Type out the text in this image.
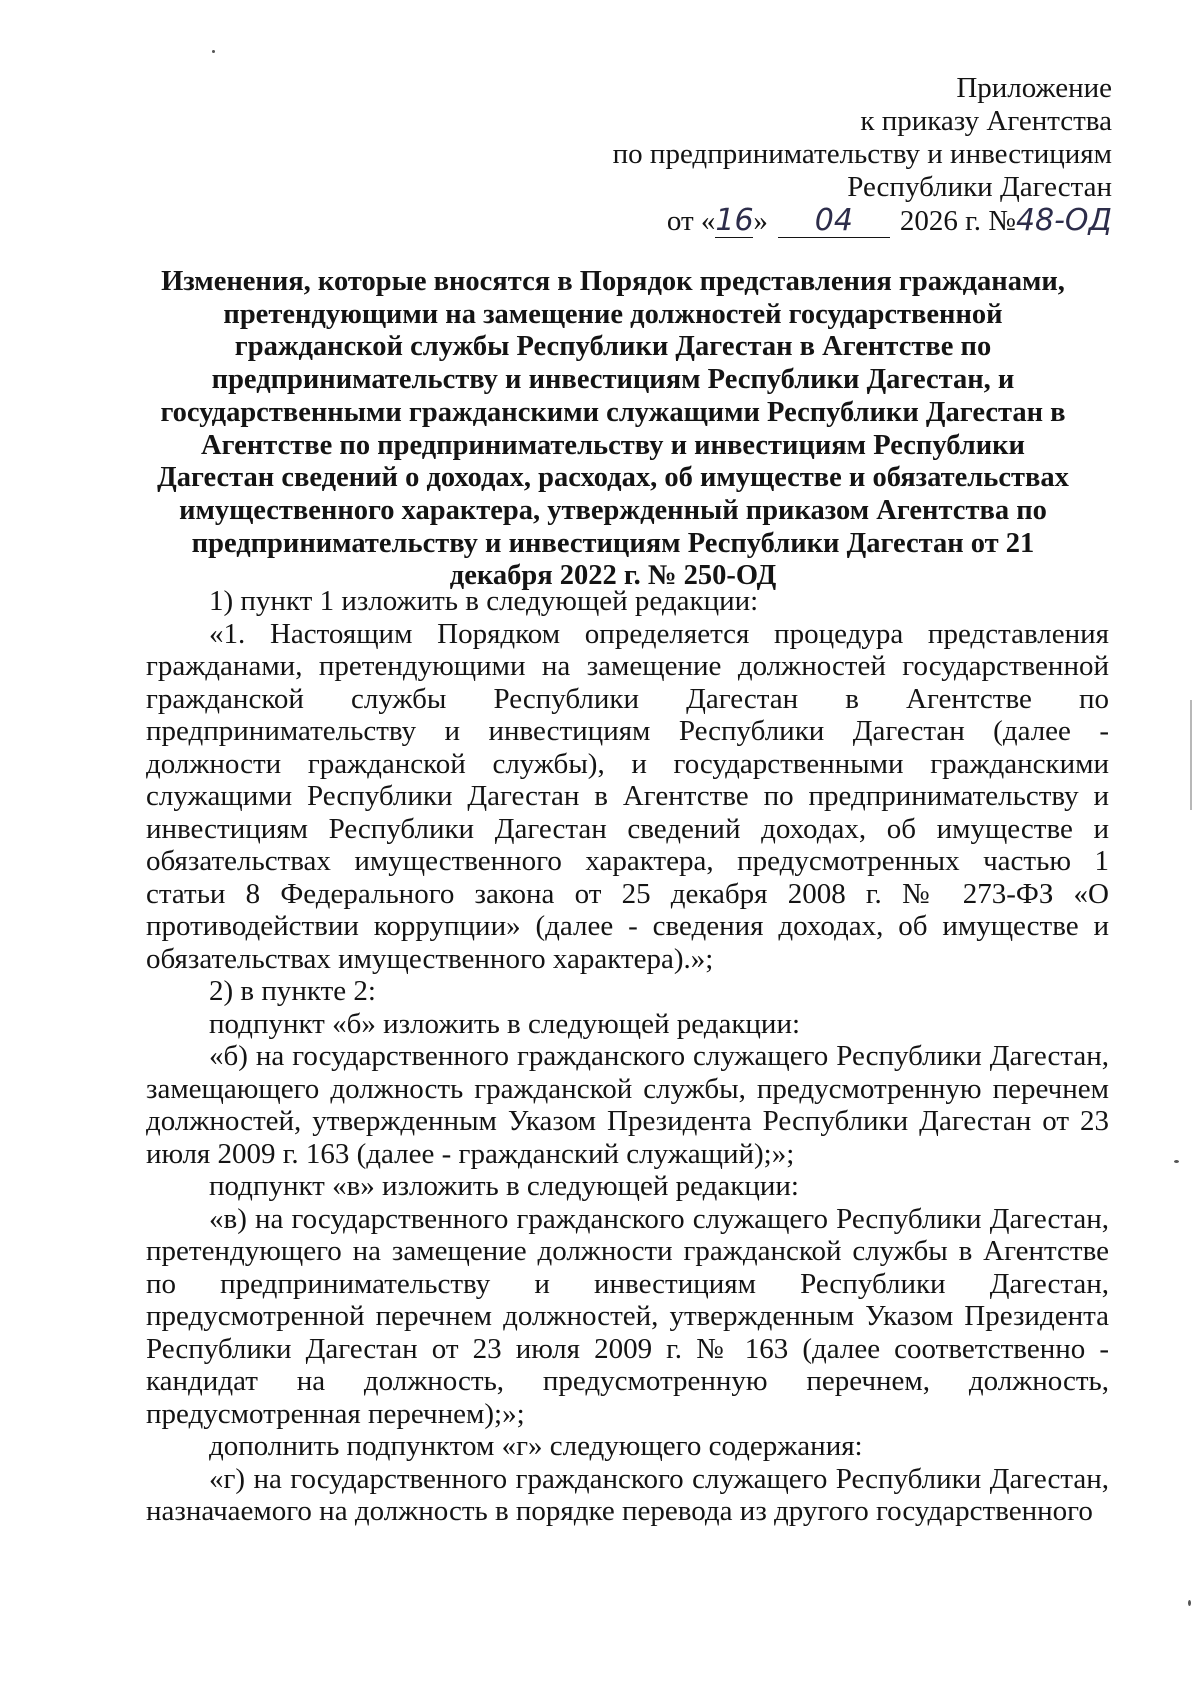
Приложение
к приказу Агентства
по предпринимательству и инвестициям
Республики Дагестан
от «16» 04 2026 г. №48-ОД
Изменения, которые вносятся в Порядок представления гражданами, претендующими на замещение должностей государственной гражданской службы Республики Дагестан в Агентстве по предпринимательству и инвестициям Республики Дагестан, и государственными гражданскими служащими Республики Дагестан в Агентстве по предпринимательству и инвестициям Республики Дагестан сведений о доходах, расходах, об имуществе и обязательствах имущественного характера, утвержденный приказом Агентства по предпринимательству и инвестициям Республики Дагестан от 21 декабря 2022 г. № 250-ОД

1) пункт 1 изложить в следующей редакции:

«1. Настоящим Порядком определяется процедура представления гражданами, претендующими на замещение должностей государственной гражданской службы Республики Дагестан в Агентстве по предпринимательству и инвестициям Республики Дагестан (далее - должности гражданской службы), и государственными гражданскими служащими Республики Дагестан в Агентстве по предпринимательству и инвестициям Республики Дагестан сведений доходах, об имуществе и обязательствах имущественного характера, предусмотренных частью 1 статьи 8 Федерального закона от 25 декабря 2008 г. № 273-ФЗ «О противодействии коррупции» (далее - сведения доходах, об имуществе и обязательствах имущественного характера).»;

2) в пункте 2:

подпункт «б» изложить в следующей редакции:

«б) на государственного гражданского служащего Республики Дагестан, замещающего должность гражданской службы, предусмотренную перечнем должностей, утвержденным Указом Президента Республики Дагестан от 23 июля 2009 г. 163 (далее - гражданский служащий);»;

подпункт «в» изложить в следующей редакции:

«в) на государственного гражданского служащего Республики Дагестан, претендующего на замещение должности гражданской службы в Агентстве по предпринимательству и инвестициям Республики Дагестан, предусмотренной перечнем должностей, утвержденным Указом Президента Республики Дагестан от 23 июля 2009 г. № 163 (далее соответственно - кандидат на должность, предусмотренную перечнем, должность, предусмотренная перечнем);»;

дополнить подпунктом «г» следующего содержания:

«г) на государственного гражданского служащего Республики Дагестан, назначаемого на должность в порядке перевода из другого государственного
